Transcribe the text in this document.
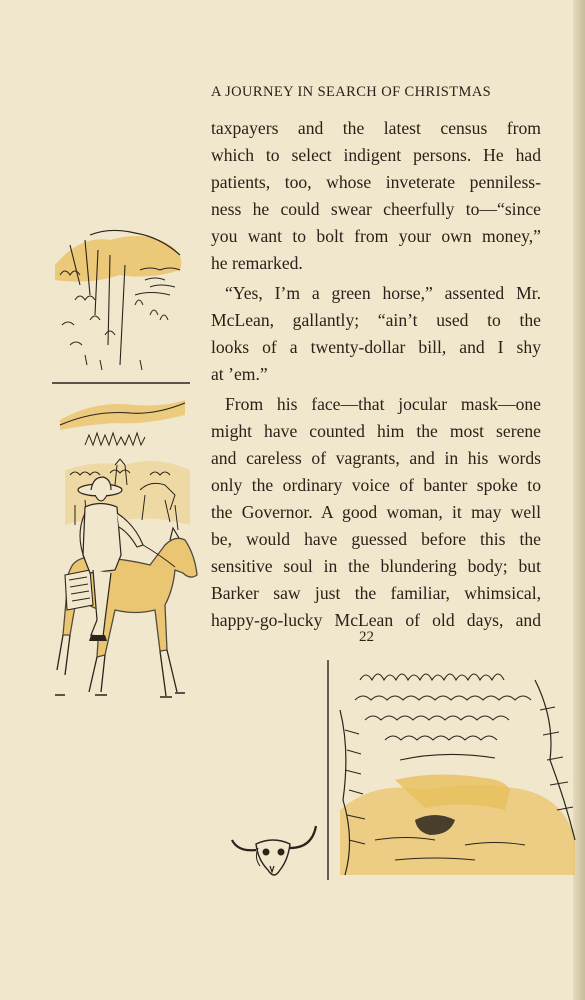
A JOURNEY IN SEARCH OF CHRISTMAS
taxpayers and the latest census from
which to select indigent persons. He had
patients, too, whose inveterate penniless-
ness he could swear cheerfully to—“since
you want to bolt from your own money,”
he remarked.
“Yes, I’m a green horse,” assented Mr.
McLean, gallantly; “ain’t used to the
looks of a twenty-dollar bill, and I shy
at ’em.”
From his face—that jocular mask—one
might have counted him the most serene
and careless of vagrants, and in his words
only the ordinary voice of banter spoke to
the Governor. A good woman, it may well
be, would have guessed before this the
sensitive soul in the blundering body; but
Barker saw just the familiar, whimsical,
happy-go-lucky McLean of old days, and
22
